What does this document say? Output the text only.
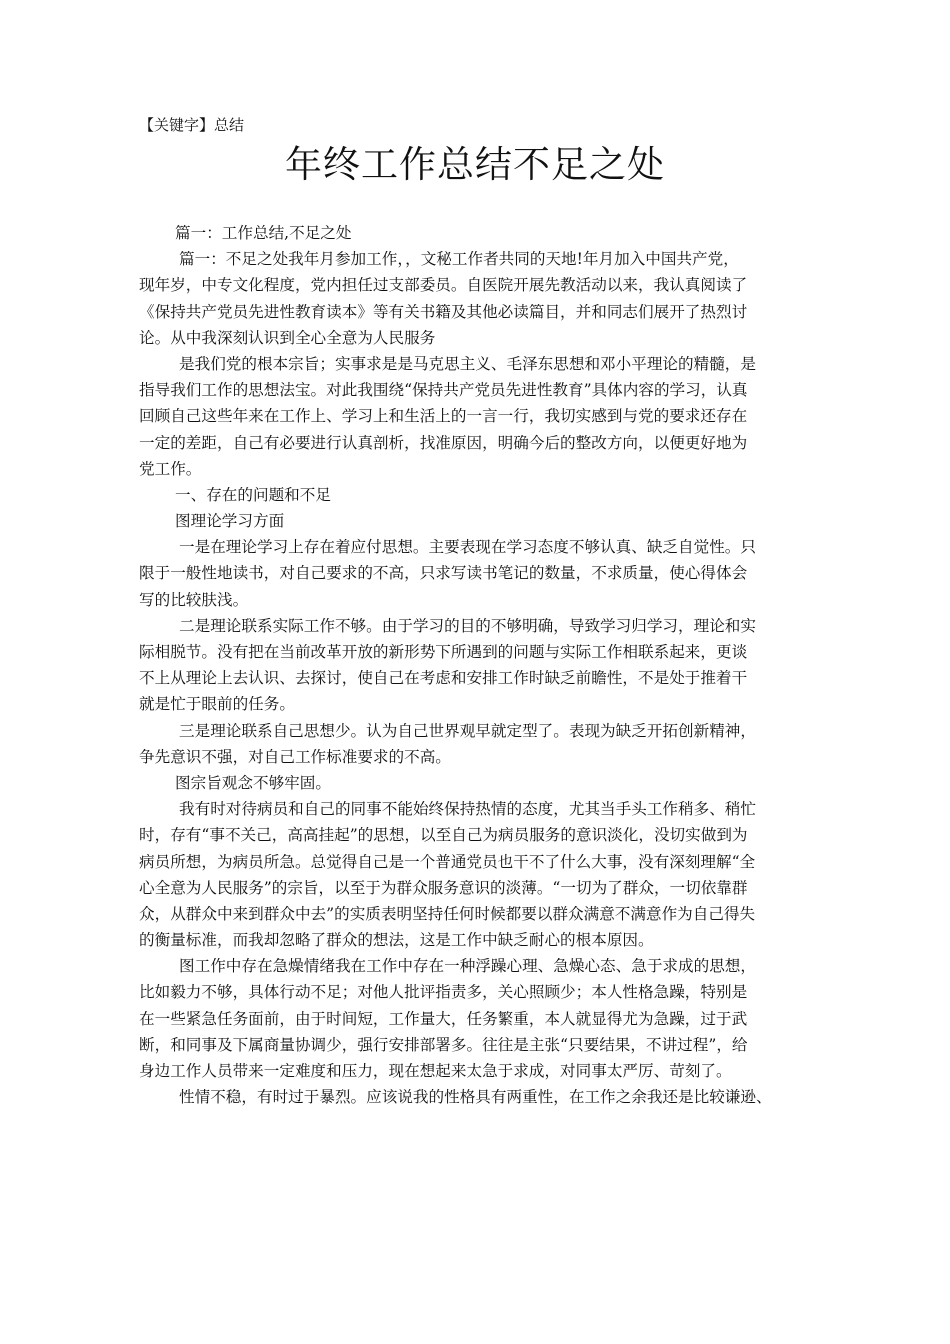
【关键字】总结
年终工作总结不足之处
篇一：工作总结,不足之处
篇一：不足之处我年月参加工作，，文秘工作者共同的天地!年月加入中国共产党，
现年岁，中专文化程度，党内担任过支部委员。自医院开展先教活动以来，我认真阅读了
《保持共产党员先进性教育读本》等有关书籍及其他必读篇目，并和同志们展开了热烈讨
论。从中我深刻认识到全心全意为人民服务
是我们党的根本宗旨；实事求是是马克思主义、毛泽东思想和邓小平理论的精髓，是
指导我们工作的思想法宝。对此我围绕“保持共产党员先进性教育”具体内容的学习，认真
回顾自己这些年来在工作上、学习上和生活上的一言一行，我切实感到与党的要求还存在
一定的差距，自己有必要进行认真剖析，找准原因，明确今后的整改方向，以便更好地为
党工作。
一、存在的问题和不足
图理论学习方面
一是在理论学习上存在着应付思想。主要表现在学习态度不够认真、缺乏自觉性。只
限于一般性地读书，对自己要求的不高，只求写读书笔记的数量，不求质量，使心得体会
写的比较肤浅。
二是理论联系实际工作不够。由于学习的目的不够明确，导致学习归学习，理论和实
际相脱节。没有把在当前改革开放的新形势下所遇到的问题与实际工作相联系起来，更谈
不上从理论上去认识、去探讨，使自己在考虑和安排工作时缺乏前瞻性，不是处于推着干
就是忙于眼前的任务。
三是理论联系自己思想少。认为自己世界观早就定型了。表现为缺乏开拓创新精神，
争先意识不强，对自己工作标准要求的不高。
图宗旨观念不够牢固。
我有时对待病员和自己的同事不能始终保持热情的态度，尤其当手头工作稍多、稍忙
时，存有“事不关己，高高挂起”的思想，以至自己为病员服务的意识淡化，没切实做到为
病员所想，为病员所急。总觉得自己是一个普通党员也干不了什么大事，没有深刻理解“全
心全意为人民服务”的宗旨，以至于为群众服务意识的淡薄。“一切为了群众，一切依靠群
众，从群众中来到群众中去”的实质表明坚持任何时候都要以群众满意不满意作为自己得失
的衡量标准，而我却忽略了群众的想法，这是工作中缺乏耐心的根本原因。
图工作中存在急燥情绪我在工作中存在一种浮躁心理、急燥心态、急于求成的思想，
比如毅力不够，具体行动不足；对他人批评指责多，关心照顾少；本人性格急躁，特别是
在一些紧急任务面前，由于时间短，工作量大，任务繁重，本人就显得尤为急躁，过于武
断，和同事及下属商量协调少，强行安排部署多。往往是主张“只要结果，不讲过程”，给
身边工作人员带来一定难度和压力，现在想起来太急于求成，对同事太严厉、苛刻了。
性情不稳，有时过于暴烈。应该说我的性格具有两重性，在工作之余我还是比较谦逊、
